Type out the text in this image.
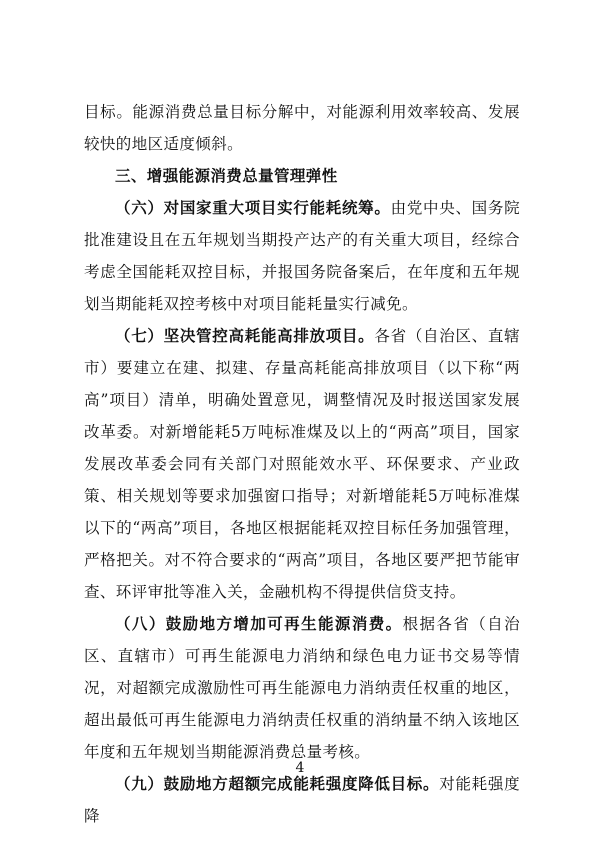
目标。能源消费总量目标分解中，对能源利用效率较高、发展较快的地区适度倾斜。

三、增强能源消费总量管理弹性

（六）对国家重大项目实行能耗统筹。由党中央、国务院批准建设且在五年规划当期投产达产的有关重大项目，经综合考虑全国能耗双控目标，并报国务院备案后，在年度和五年规划当期能耗双控考核中对项目能耗量实行减免。

（七）坚决管控高耗能高排放项目。各省（自治区、直辖市）要建立在建、拟建、存量高耗能高排放项目（以下称“两高”项目）清单，明确处置意见，调整情况及时报送国家发展改革委。对新增能耗5万吨标准煤及以上的“两高”项目，国家发展改革委会同有关部门对照能效水平、环保要求、产业政策、相关规划等要求加强窗口指导；对新增能耗5万吨标准煤以下的“两高”项目，各地区根据能耗双控目标任务加强管理，严格把关。对不符合要求的“两高”项目，各地区要严把节能审查、环评审批等准入关，金融机构不得提供信贷支持。

（八）鼓励地方增加可再生能源消费。根据各省（自治区、直辖市）可再生能源电力消纳和绿色电力证书交易等情况，对超额完成激励性可再生能源电力消纳责任权重的地区，超出最低可再生能源电力消纳责任权重的消纳量不纳入该地区年度和五年规划当期能源消费总量考核。

（九）鼓励地方超额完成能耗强度降低目标。对能耗强度降

4
